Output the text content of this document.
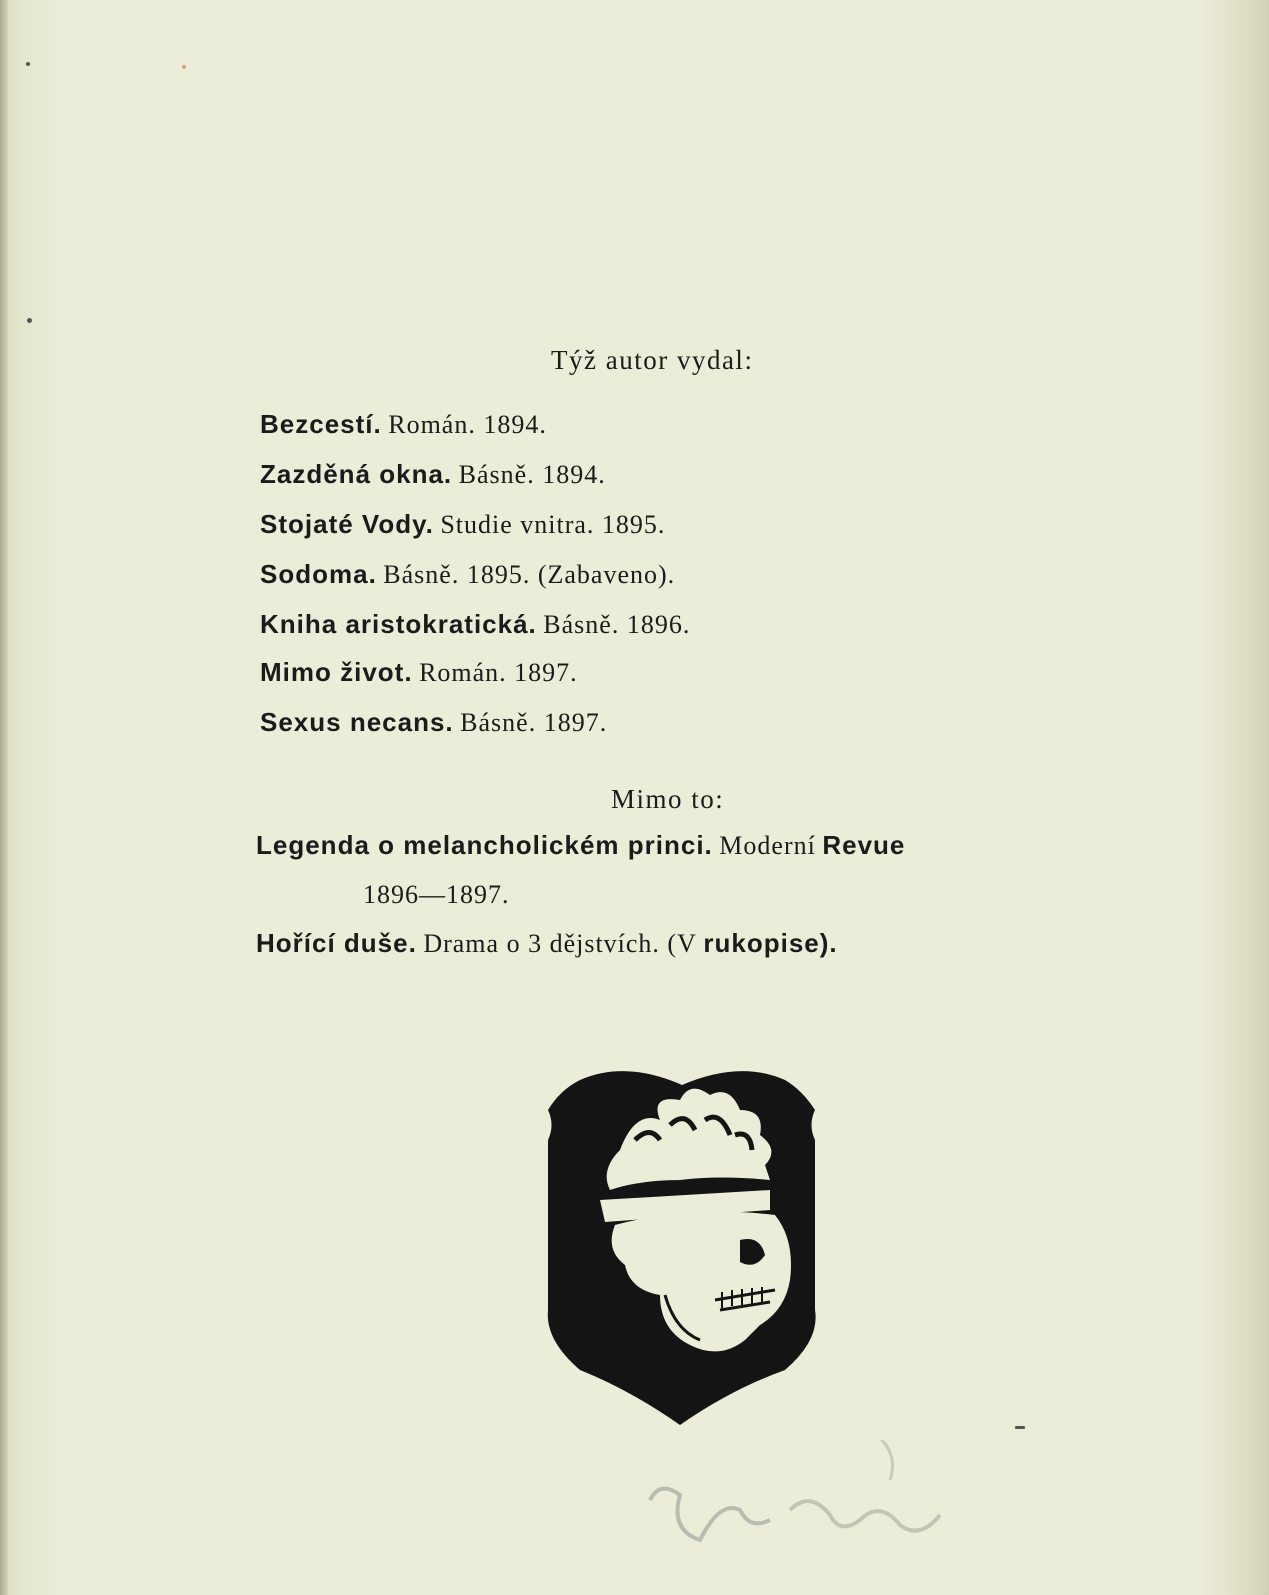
Týž autor vydal:
Bezcestí. Román. 1894.
Zazděná okna. Básně. 1894.
Stojaté Vody. Studie vnitra. 1895.
Sodoma. Básně. 1895. (Zabaveno).
Kniha aristokratická. Básně. 1896.
Mimo život. Román. 1897.
Sexus necans. Básně. 1897.
Mimo to:
Legenda o melancholickém princi. Moderní Revue
1896—1897.
Hořící duše. Drama o 3 dějstvích. (V rukopise).
